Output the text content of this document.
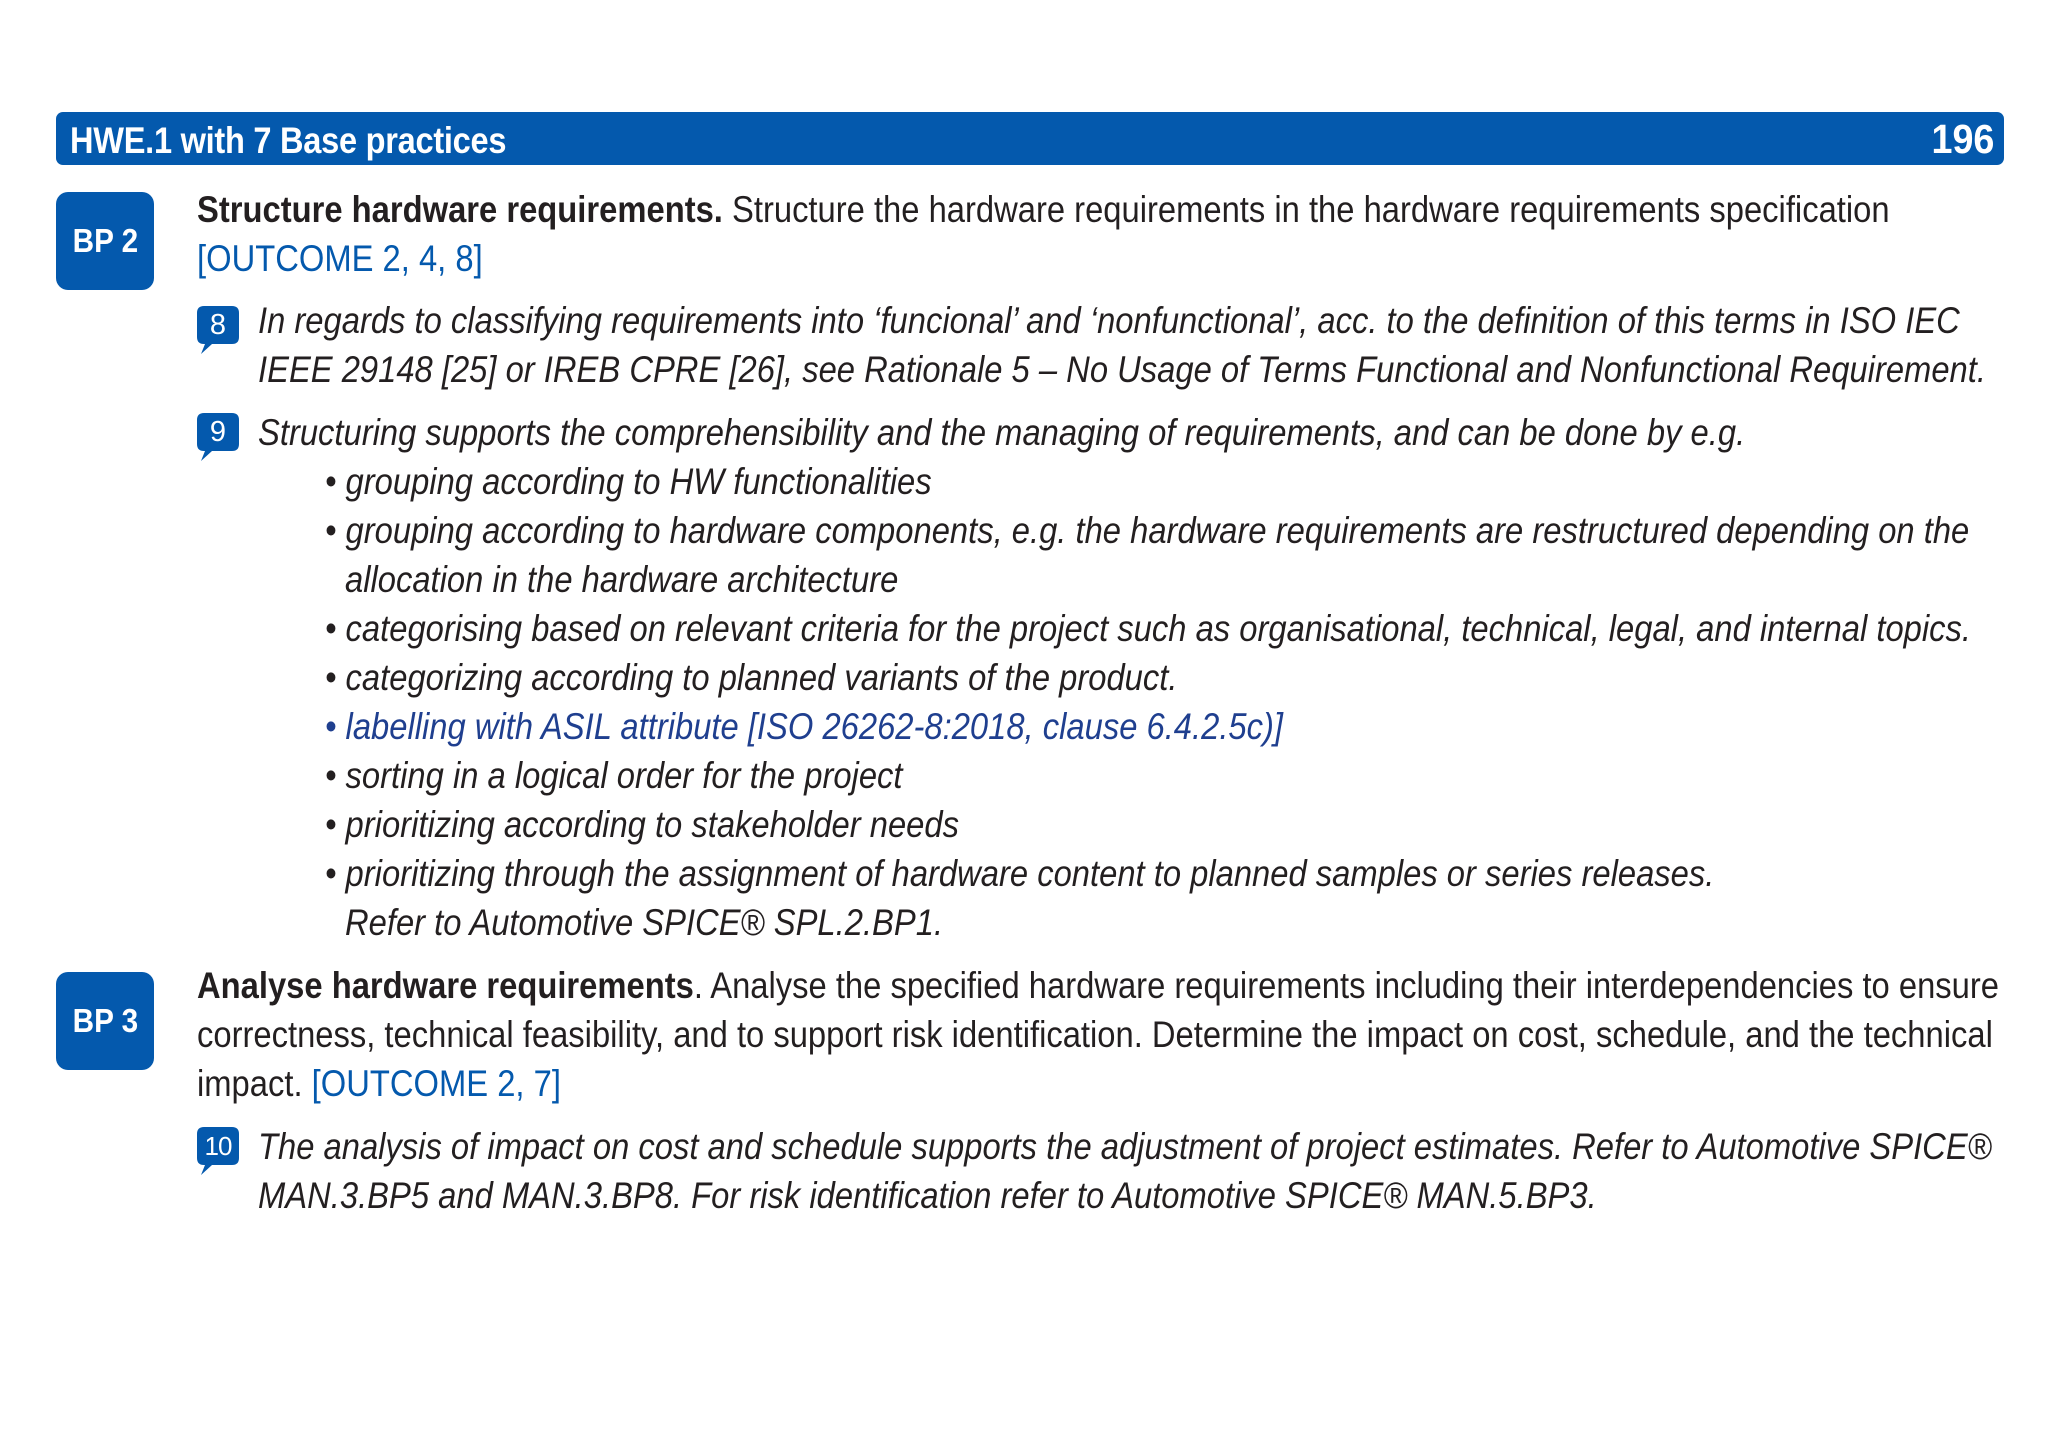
HWE.1 with 7 Base practices	196
BP 2
Structure hardware requirements. Structure the hardware requirements in the hardware requirements specification
[OUTCOME 2, 4, 8]
8 In regards to classifying requirements into ‘funcional’ and ‘nonfunctional’, acc. to the definition of this terms in ISO IEC
IEEE 29148 [25] or IREB CPRE [26], see Rationale 5 – No Usage of Terms Functional and Nonfunctional Requirement.
9 Structuring supports the comprehensibility and the managing of requirements, and can be done by e.g.
• grouping according to HW functionalities
• grouping according to hardware components, e.g. the hardware requirements are restructured depending on the
allocation in the hardware architecture
• categorising based on relevant criteria for the project such as organisational, technical, legal, and internal topics.
• categorizing according to planned variants of the product.
• labelling with ASIL attribute [ISO 26262-8:2018, clause 6.4.2.5c)]
• sorting in a logical order for the project
• prioritizing according to stakeholder needs
• prioritizing through the assignment of hardware content to planned samples or series releases.
Refer to Automotive SPICE® SPL.2.BP1.
BP 3
Analyse hardware requirements. Analyse the specified hardware requirements including their interdependencies to ensure
correctness, technical feasibility, and to support risk identification. Determine the impact on cost, schedule, and the technical
impact. [OUTCOME 2, 7]
10 The analysis of impact on cost and schedule supports the adjustment of project estimates. Refer to Automotive SPICE®
MAN.3.BP5 and MAN.3.BP8. For risk identification refer to Automotive SPICE® MAN.5.BP3.
